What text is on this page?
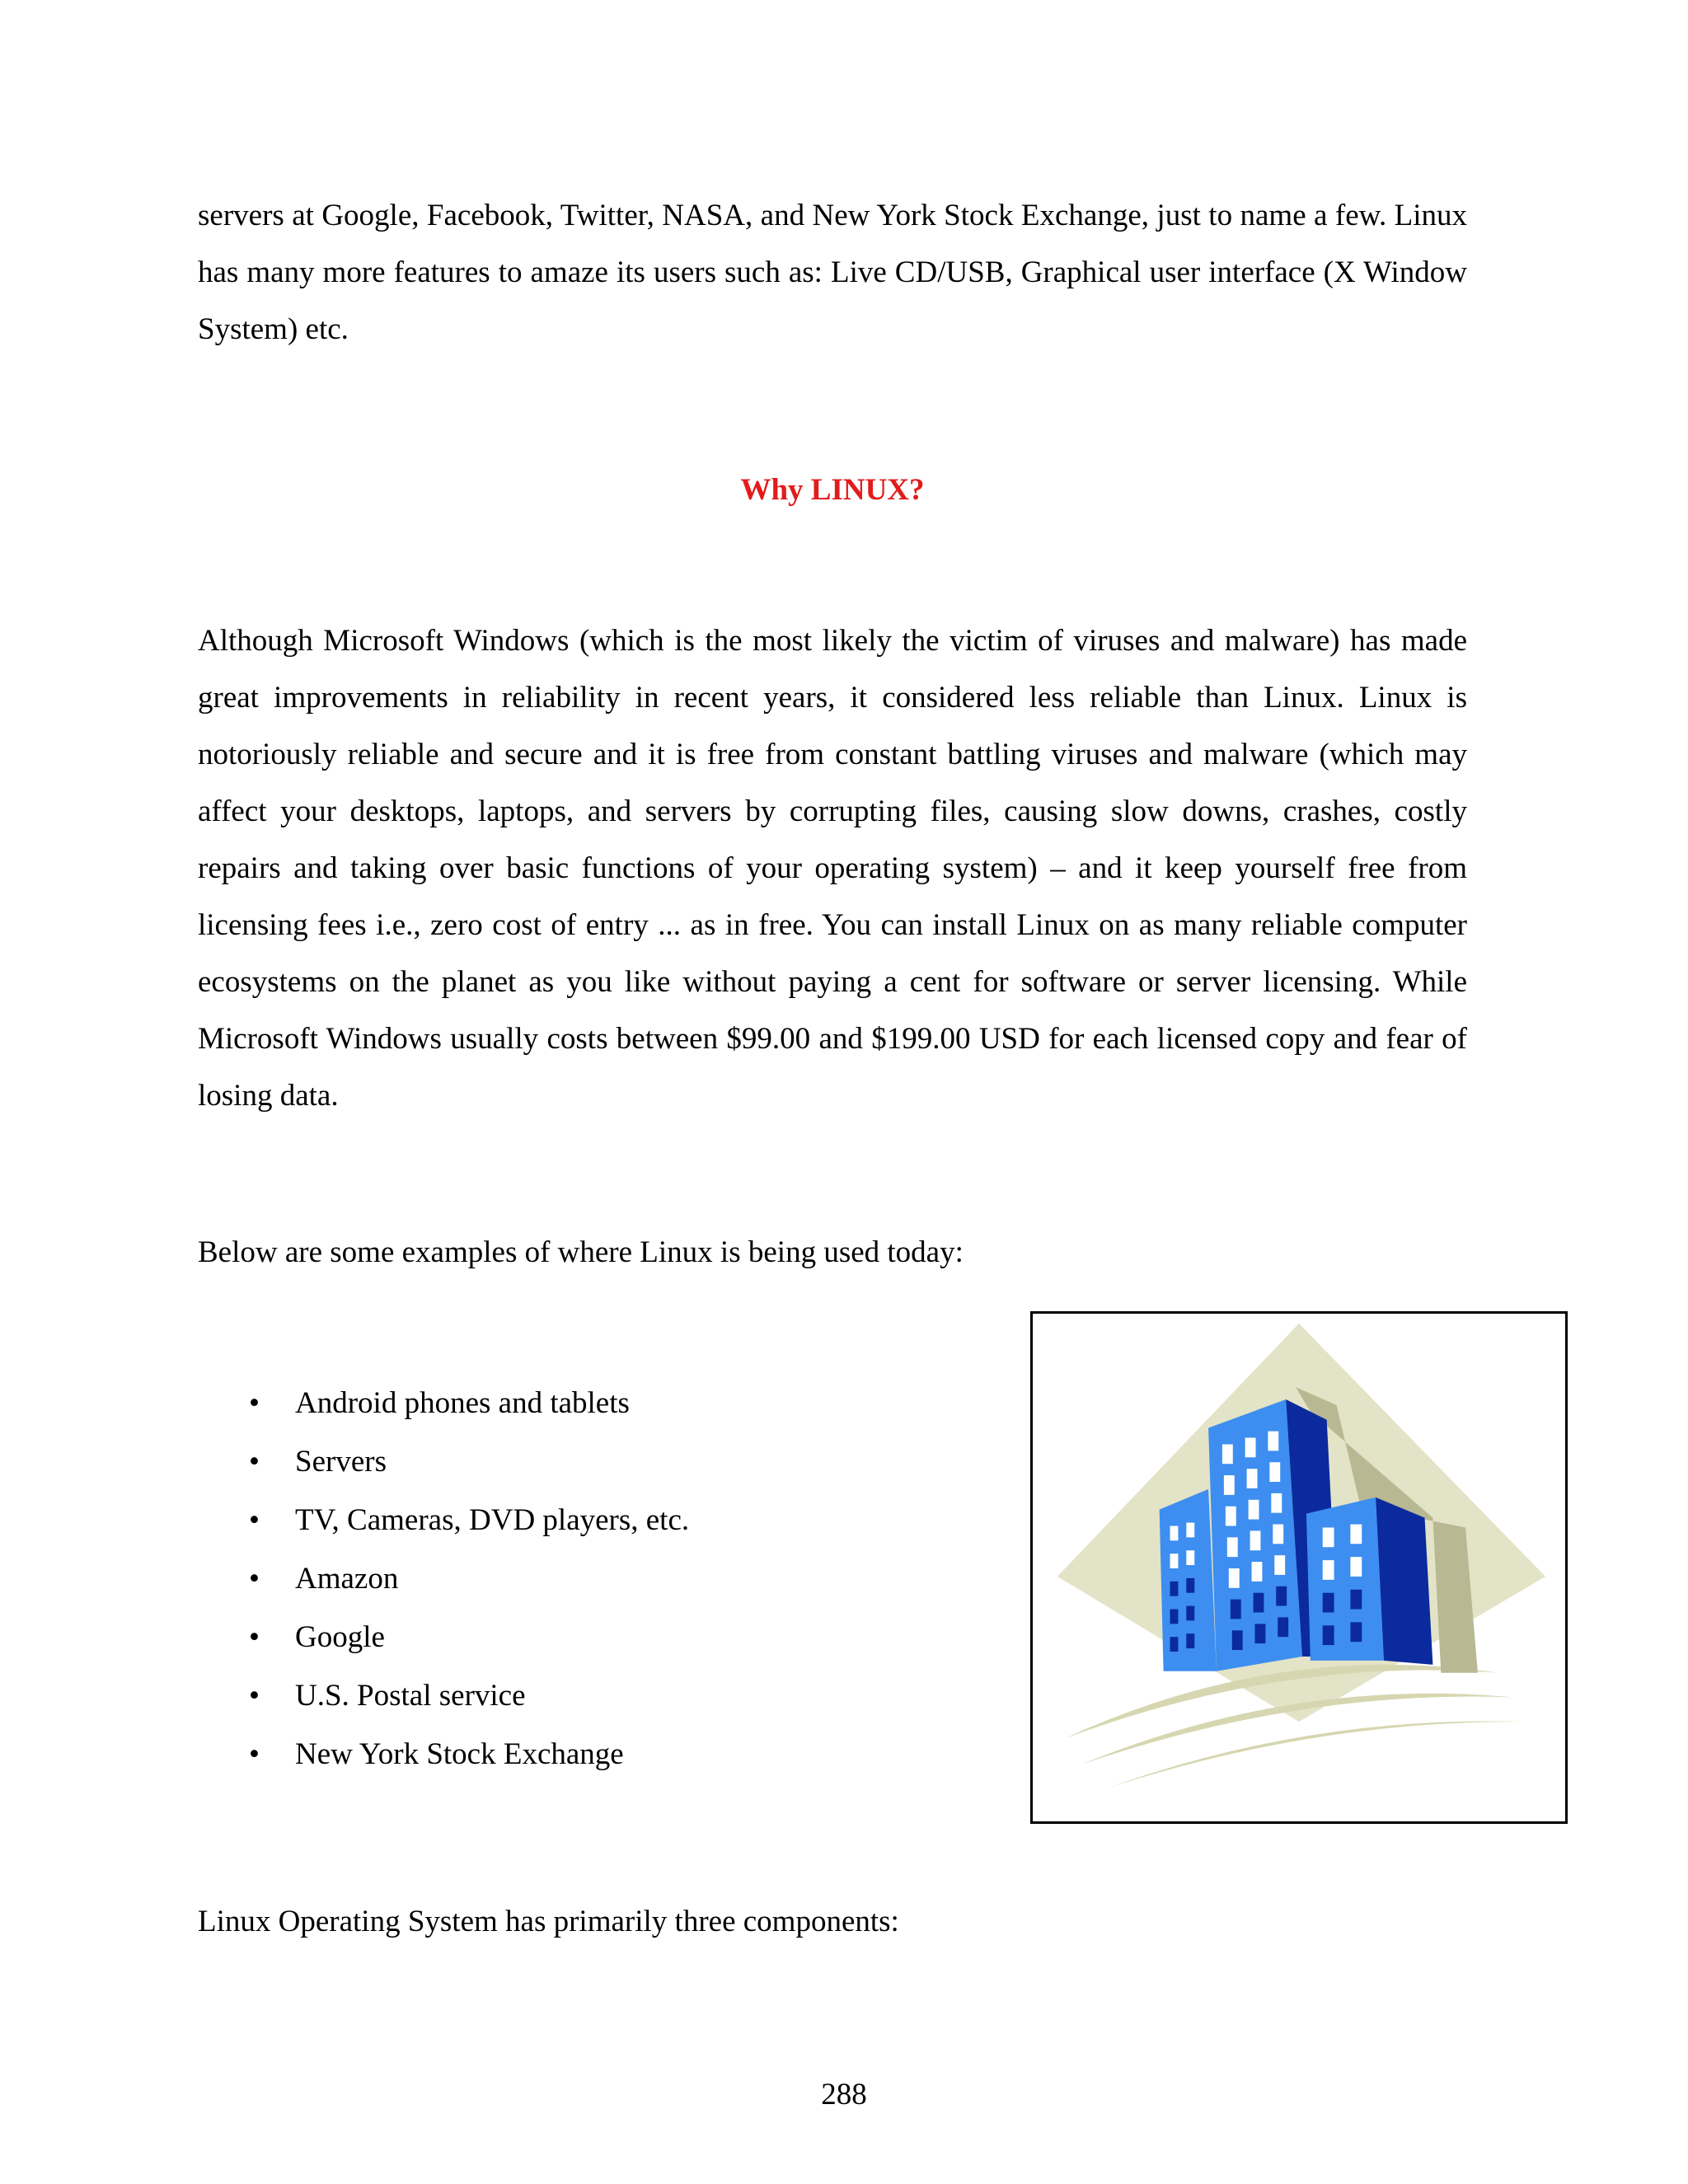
servers at Google, Facebook, Twitter, NASA, and New York Stock Exchange, just to name a few. Linux has many more features to amaze its users such as: Live CD/USB, Graphical user interface (X Window System) etc.

Why LINUX?

Although Microsoft Windows (which is the most likely the victim of viruses and malware) has made great improvements in reliability in recent years, it considered less reliable than Linux. Linux is notoriously reliable and secure and it is free from constant battling viruses and malware (which may affect your desktops, laptops, and servers by corrupting files, causing slow downs, crashes, costly repairs and taking over basic functions of your operating system) – and it keep yourself free from licensing fees i.e., zero cost of entry ... as in free. You can install Linux on as many reliable computer ecosystems on the planet as you like without paying a cent for software or server licensing. While Microsoft Windows usually costs between $99.00 and $199.00 USD for each licensed copy and fear of losing data.

Below are some examples of where Linux is being used today:

• Android phones and tablets
• Servers
• TV, Cameras, DVD players, etc.
• Amazon
• Google
• U.S. Postal service
• New York Stock Exchange

Linux Operating System has primarily three components:

288
